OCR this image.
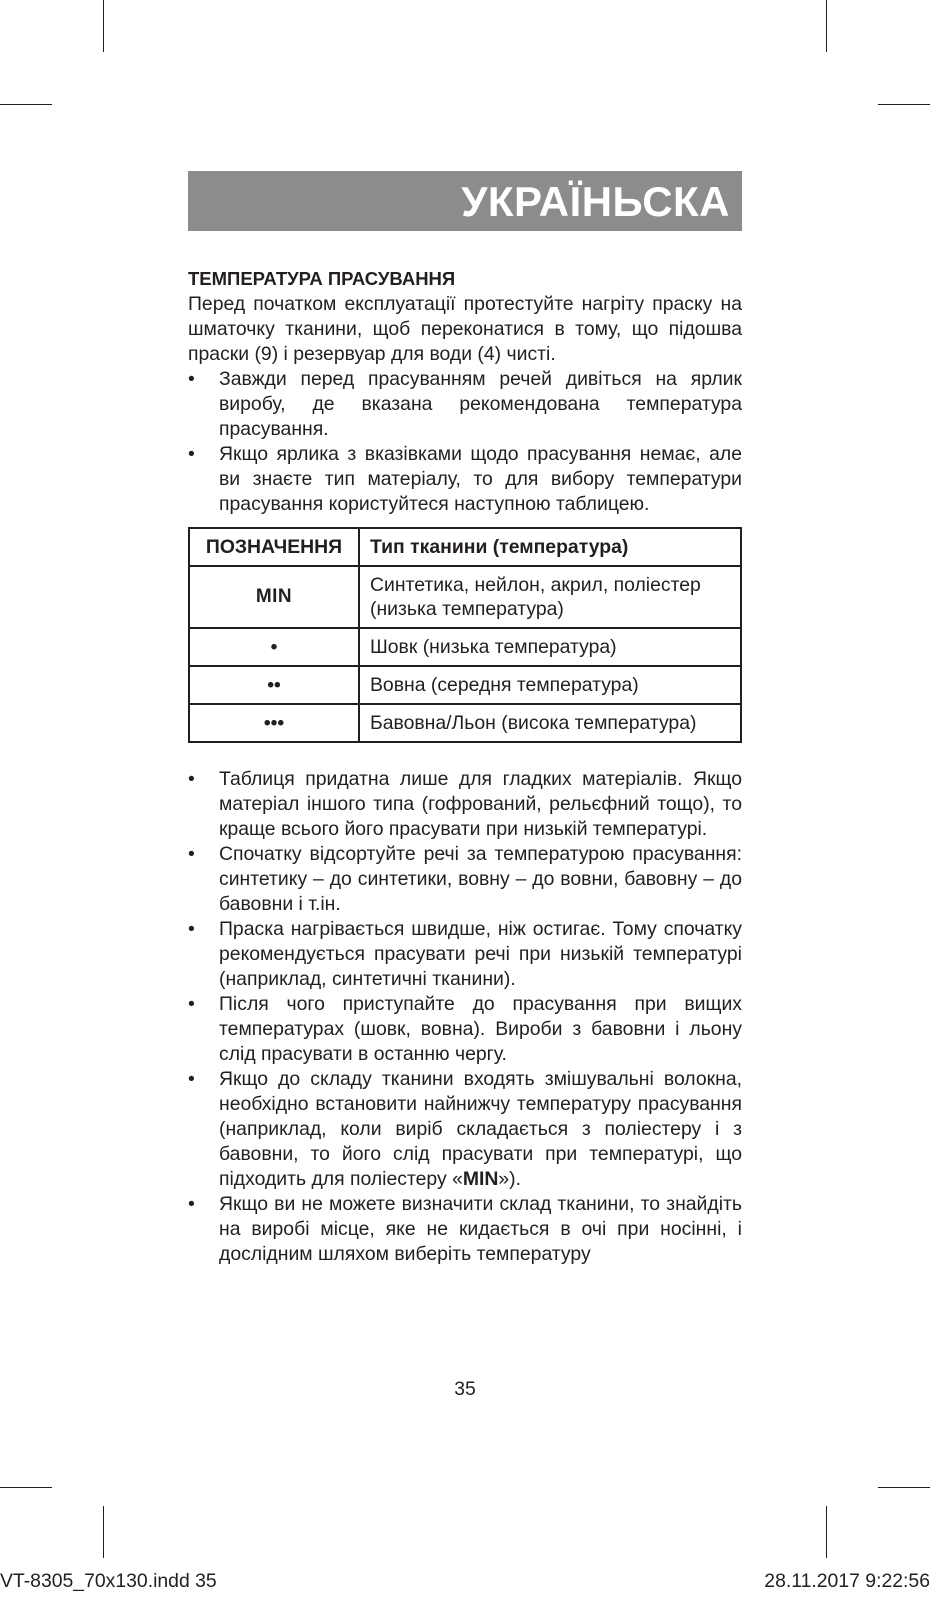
УКРАЇНЬСКА
ТЕМПЕРАТУРА ПРАСУВАННЯ

Перед початком експлуатації протестуйте нагріту праску на шматочку тканини, щоб переконатися в тому, що підошва праски (9) і резервуар для води (4) чисті.

• Завжди перед прасуванням речей дивіться на ярлик виробу, де вказана рекомендована температура прасування.
• Якщо ярлика з вказівками щодо прасування немає, але ви знаєте тип матеріалу, то для вибору температури прасування користуйтеся наступною таблицею.
ПОЗНАЧЕННЯ	Тип тканини (температура)
MIN	Синтетика, нейлон, акрил, поліестер (низька температура)
•	Шовк (низька температура)
••	Вовна (середня температура)
•••	Бавовна/Льон (висока температура)
• Таблиця придатна лише для гладких матеріалів. Якщо матеріал іншого типа (гофрований, рельєфний тощо), то краще всього його прасувати при низькій температурі.
• Спочатку відсортуйте речі за температурою прасування: синтетику – до синтетики, вовну – до вовни, бавовну – до бавовни і т.ін.
• Праска нагрівається швидше, ніж остигає. Тому спочатку рекомендується прасувати речі при низькій температурі (наприклад, синтетичні тканини).
• Після чого приступайте до прасування при вищих температурах (шовк, вовна). Вироби з бавовни і льону слід прасувати в останню чергу.
• Якщо до складу тканини входять змішувальні волокна, необхідно встановити найнижчу температуру прасування (наприклад, коли виріб складається з поліестеру і з бавовни, то його слід прасувати при температурі, що підходить для поліестеру «MIN»).
• Якщо ви не можете визначити склад тканини, то знайдіть на виробі місце, яке не кидається в очі при носінні, і дослідним шляхом виберіть температуру
35
VT-8305_70x130.indd 35	28.11.2017 9:22:56
